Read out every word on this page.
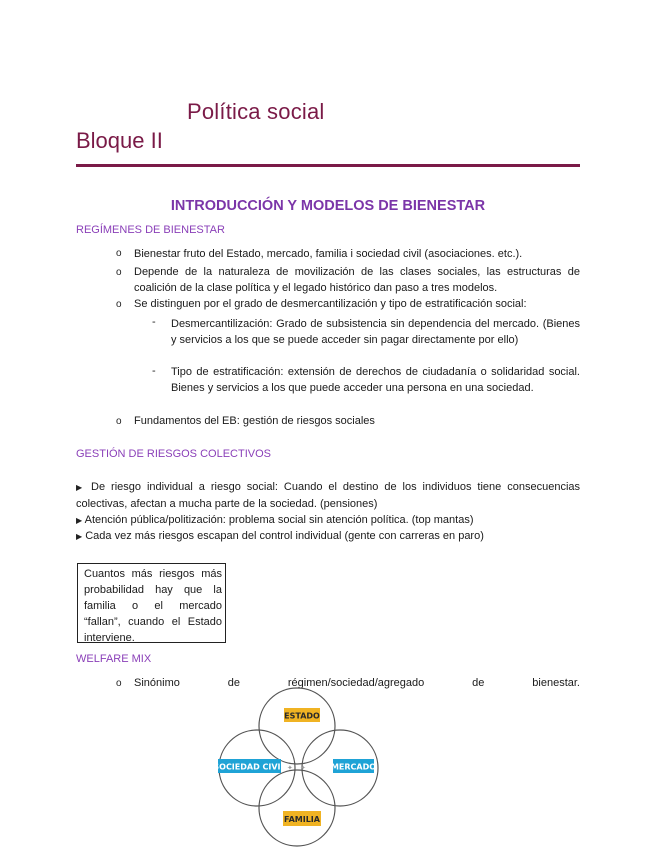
Política social
Bloque II
INTRODUCCIÓN Y MODELOS DE BIENESTAR
REGÍMENES DE BIENESTAR
o Bienestar fruto del Estado, mercado, familia i sociedad civil (asociaciones. etc.).
o Depende de la naturaleza de movilización de las clases sociales, las estructuras de coalición de la clase política y el legado histórico dan paso a tres modelos.
o Se distinguen por el grado de desmercantilización y tipo de estratificación social:
- Desmercantilización: Grado de subsistencia sin dependencia del mercado. (Bienes y servicios a los que se puede acceder sin pagar directamente por ello)
- Tipo de estratificación: extensión de derechos de ciudadanía o solidaridad social. Bienes y servicios a los que puede acceder una persona en una sociedad.
o Fundamentos del EB: gestión de riesgos sociales
GESTIÓN DE RIESGOS COLECTIVOS
▶ De riesgo individual a riesgo social: Cuando el destino de los individuos tiene consecuencias colectivas, afectan a mucha parte de la sociedad. (pensiones)
▶ Atención pública/politización: problema social sin atención política. (top mantas)
▶ Cada vez más riesgos escapan del control individual (gente con carreras en paro)
Cuantos más riesgos más probabilidad hay que la familia o el mercado “fallan”, cuando el Estado interviene.
WELFARE MIX
o Sinónimo de régimen/sociedad/agregado de bienestar.
✦ ✦
ESTADO
SOCIEDAD CIVIL	MERCADO
FAMILIA
